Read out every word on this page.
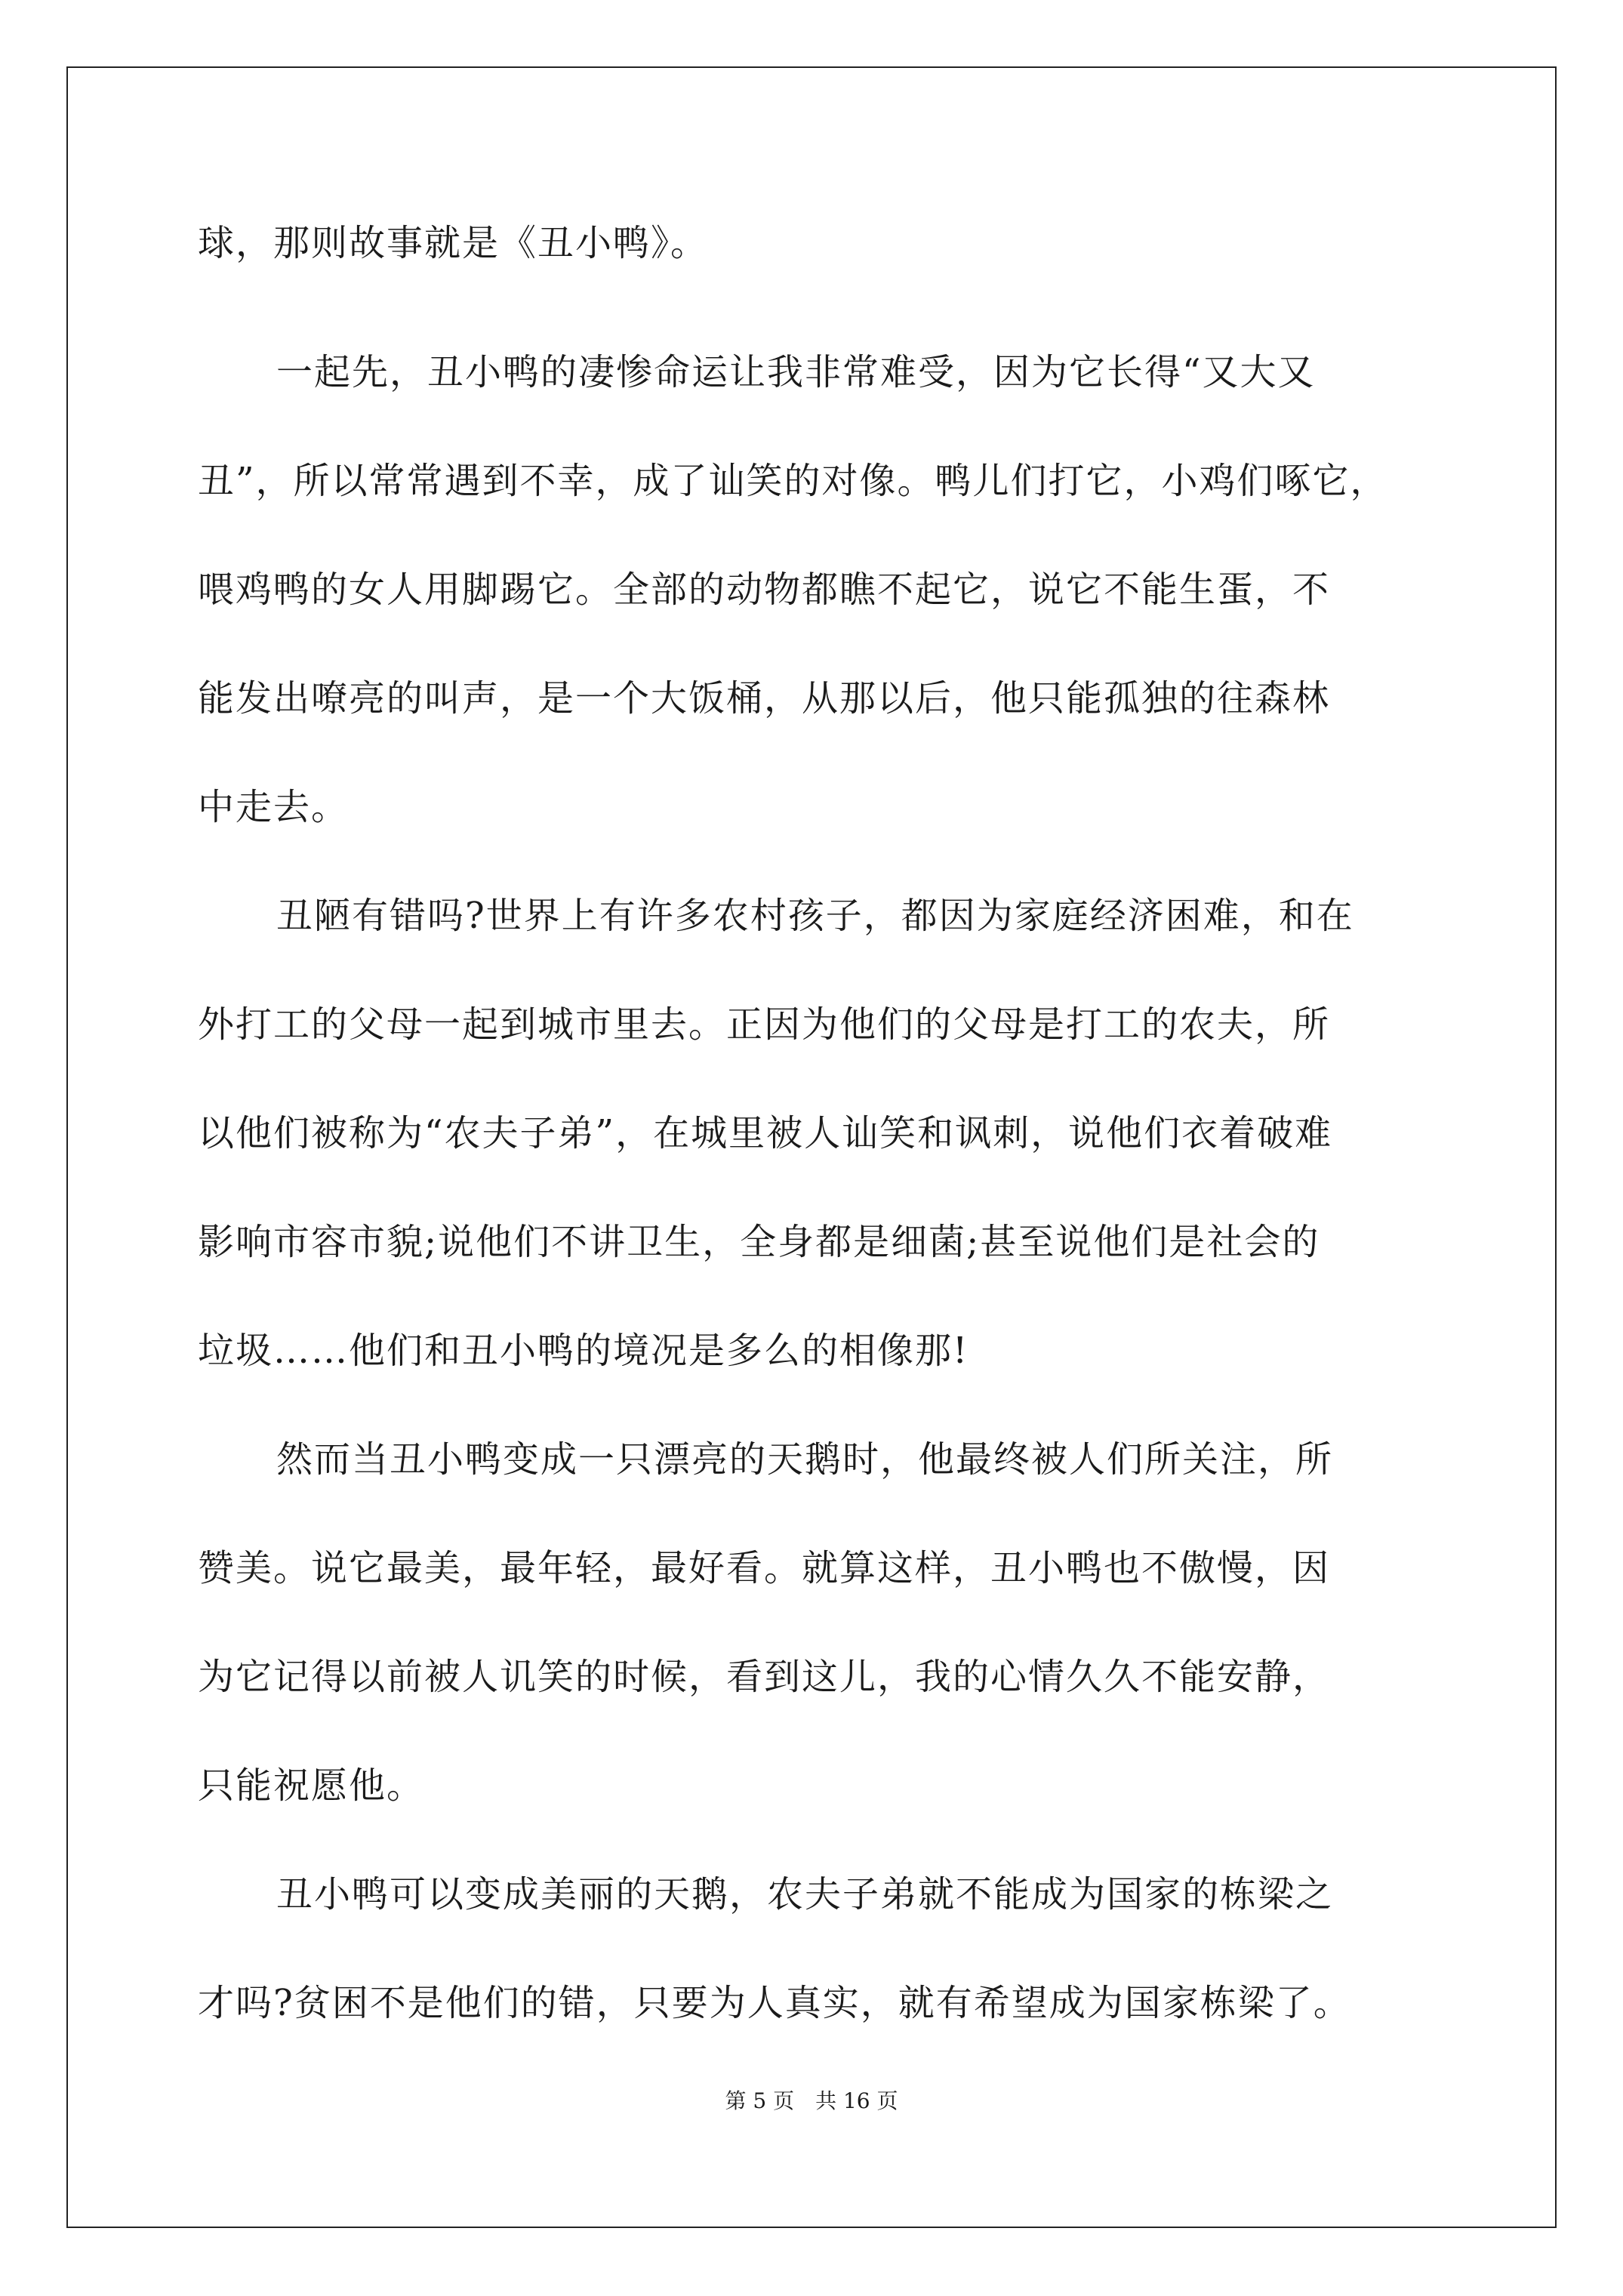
球，那则故事就是《丑小鸭》。
一起先，丑小鸭的凄惨命运让我非常难受，因为它长得“又大又
丑”，所以常常遇到不幸，成了讪笑的对像。鸭儿们打它，小鸡们啄它，
喂鸡鸭的女人用脚踢它。全部的动物都瞧不起它，说它不能生蛋，不
能发出嘹亮的叫声，是一个大饭桶，从那以后，他只能孤独的往森林
中走去。
丑陋有错吗?世界上有许多农村孩子，都因为家庭经济困难，和在
外打工的父母一起到城市里去。正因为他们的父母是打工的农夫，所
以他们被称为“农夫子弟”，在城里被人讪笑和讽刺，说他们衣着破难
影响市容市貌;说他们不讲卫生，全身都是细菌;甚至说他们是社会的
垃圾……他们和丑小鸭的境况是多么的相像那!
然而当丑小鸭变成一只漂亮的天鹅时，他最终被人们所关注，所
赞美。说它最美，最年轻，最好看。就算这样，丑小鸭也不傲慢，因
为它记得以前被人讥笑的时候，看到这儿，我的心情久久不能安静，
只能祝愿他。
丑小鸭可以变成美丽的天鹅，农夫子弟就不能成为国家的栋梁之
才吗?贫困不是他们的错，只要为人真实，就有希望成为国家栋梁了。
第 5 页　共 16 页
